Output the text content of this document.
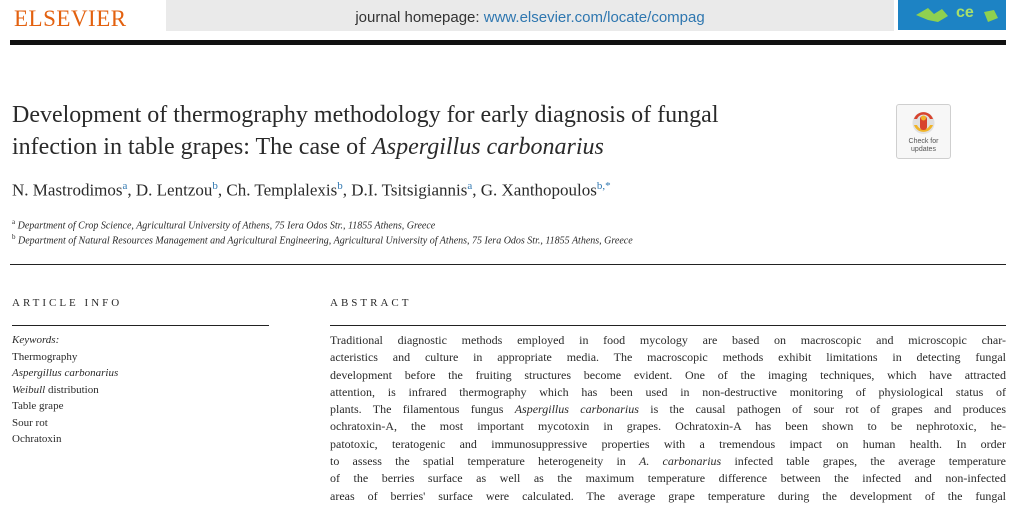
ELSEVIER	journal homepage: www.elsevier.com/locate/compag	ce
Development of thermography methodology for early diagnosis of fungal
infection in table grapes: The case of Aspergillus carbonarius	Check for
updates
N. Mastrodimos$^a$, D. Lentzou$^b$, Ch. Templalexis$^b$, D.I. Tsitsigiannis$^a$, G. Xanthopoulos$^{b,*}$
$^a$ Department of Crop Science, Agricultural University of Athens, 75 Iera Odos Str., 11855 Athens, Greece
$^b$ Department of Natural Resources Management and Agricultural Engineering, Agricultural University of Athens, 75 Iera Odos Str., 11855 Athens, Greece
ARTICLE INFO
Keywords:
Thermography
Aspergillus carbonarius
Weibull distribution
Table grape
Sour rot
Ochratoxin
ABSTRACT
Traditional diagnostic methods employed in food mycology are based on macroscopic and microscopic char-
acteristics and culture in appropriate media. The macroscopic methods exhibit limitations in detecting fungal
development before the fruiting structures become evident. One of the imaging techniques, which have attracted
attention, is infrared thermography which has been used in non-destructive monitoring of physiological status of
plants. The filamentous fungus Aspergillus carbonarius is the causal pathogen of sour rot of grapes and produces
ochratoxin-A, the most important mycotoxin in grapes. Ochratoxin-A has been shown to be nephrotoxic, he-
patotoxic, teratogenic and immunosuppressive properties with a tremendous impact on human health. In order
to assess the spatial temperature heterogeneity in A. carbonarius infected table grapes, the average temperature
of the berries surface as well as the maximum temperature difference between the infected and non-infected
areas of berries' surface were calculated. The average grape temperature during the development of the fungal
